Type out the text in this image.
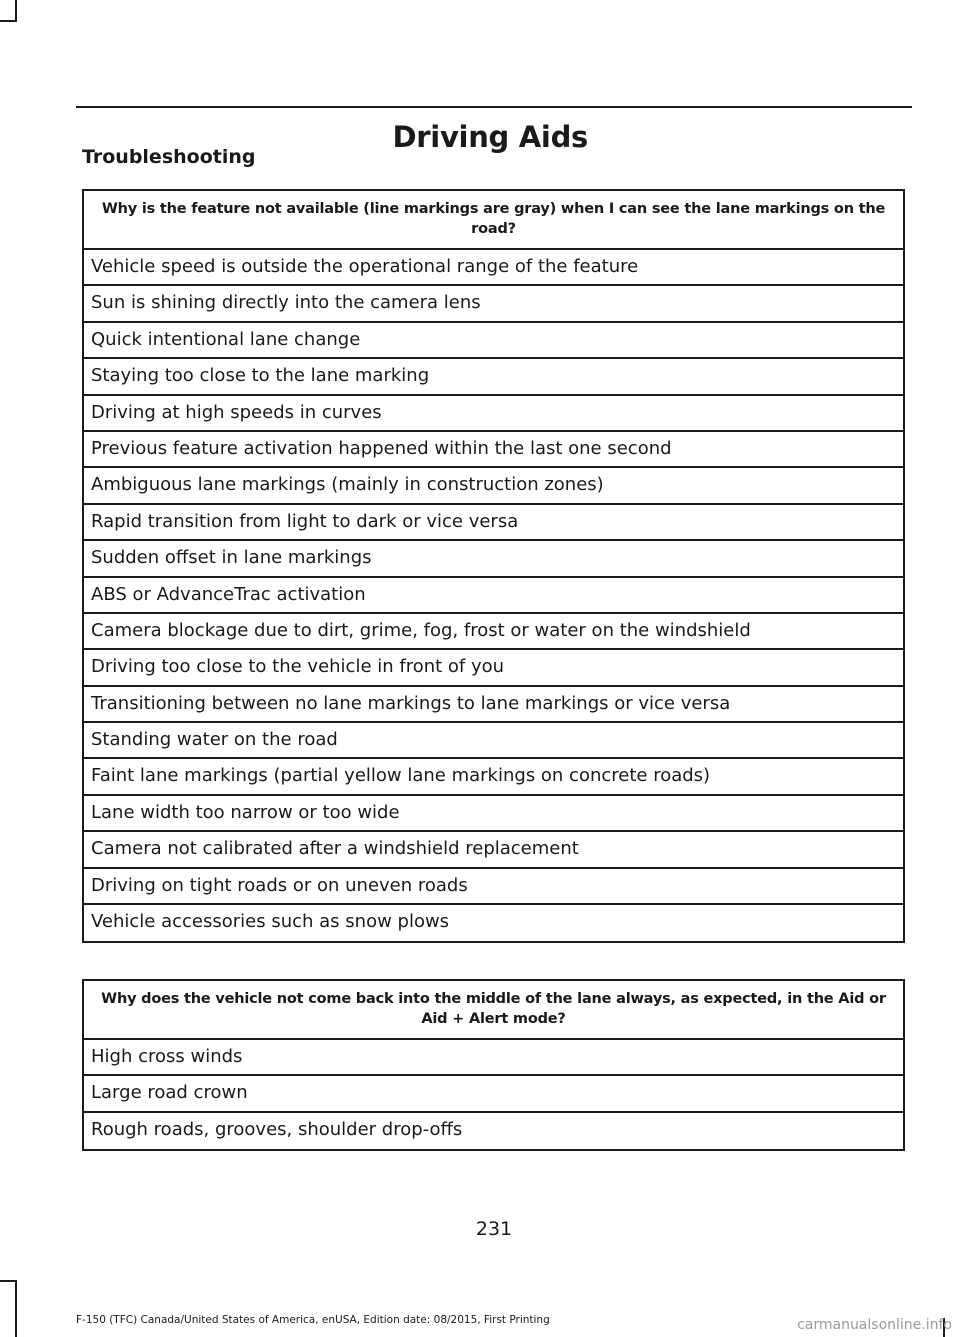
Driving Aids
Troubleshooting
Why is the feature not available (line markings are gray) when I can see the lane markings on the road?
Vehicle speed is outside the operational range of the feature
Sun is shining directly into the camera lens
Quick intentional lane change
Staying too close to the lane marking
Driving at high speeds in curves
Previous feature activation happened within the last one second
Ambiguous lane markings (mainly in construction zones)
Rapid transition from light to dark or vice versa
Sudden offset in lane markings
ABS or AdvanceTrac activation
Camera blockage due to dirt, grime, fog, frost or water on the windshield
Driving too close to the vehicle in front of you
Transitioning between no lane markings to lane markings or vice versa
Standing water on the road
Faint lane markings (partial yellow lane markings on concrete roads)
Lane width too narrow or too wide
Camera not calibrated after a windshield replacement
Driving on tight roads or on uneven roads
Vehicle accessories such as snow plows
Why does the vehicle not come back into the middle of the lane always, as expected, in the Aid or Aid + Alert mode?
High cross winds
Large road crown
Rough roads, grooves, shoulder drop-offs
231
F-150 (TFC) Canada/United States of America, enUSA, Edition date: 08/2015, First Printing	carmanualsonline.info
